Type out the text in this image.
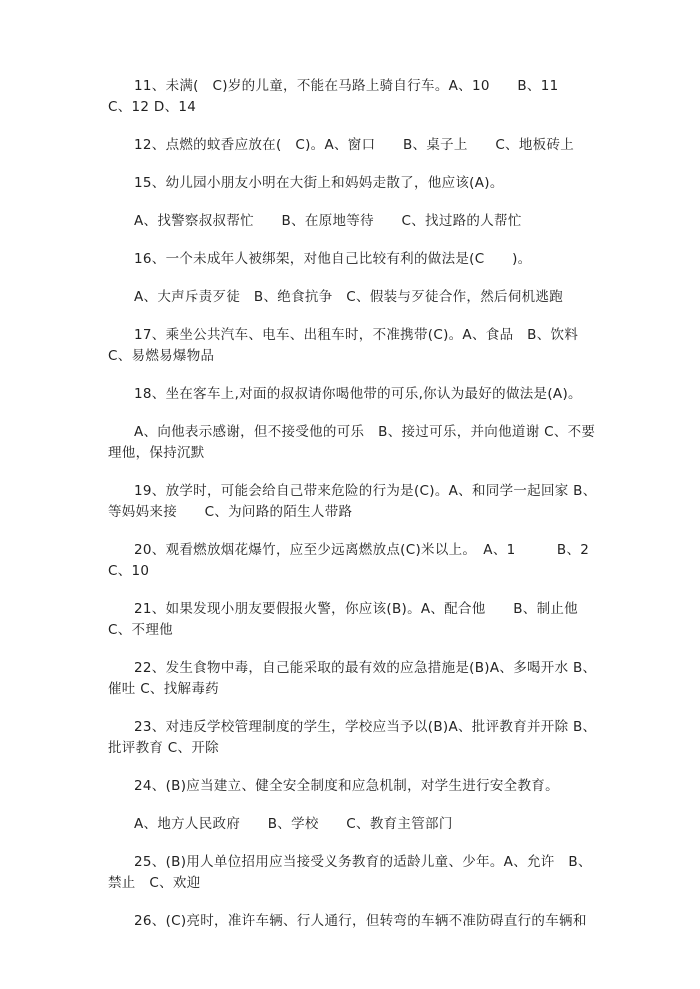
11、未满(　C)岁的儿童，不能在马路上骑自行车。A、10　　B、11　　C、12 D、14

12、点燃的蚊香应放在(　C)。A、窗口　　B、桌子上　　C、地板砖上

15、幼儿园小朋友小明在大街上和妈妈走散了，他应该(A)。

A、找警察叔叔帮忙　　B、在原地等待　　C、找过路的人帮忙

16、一个未成年人被绑架，对他自己比较有利的做法是(C　　)。

A、大声斥责歹徒　B、绝食抗争　C、假装与歹徒合作，然后伺机逃跑

17、乘坐公共汽车、电车、出租车时，不准携带(C)。A、食品　B、饮料 C、易燃易爆物品

18、坐在客车上,对面的叔叔请你喝他带的可乐,你认为最好的做法是(A)。

A、向他表示感谢，但不接受他的可乐　B、接过可乐，并向他道谢 C、不要理他，保持沉默

19、放学时，可能会给自己带来危险的行为是(C)。A、和同学一起回家 B、等妈妈来接　　C、为问路的陌生人带路

20、观看燃放烟花爆竹，应至少远离燃放点(C)米以上。　A、1　　　B、2 C、10

21、如果发现小朋友要假报火警，你应该(B)。A、配合他　　B、制止他 C、不理他

22、发生食物中毒，自己能采取的最有效的应急措施是(B)A、多喝开水 B、催吐 C、找解毒药

23、对违反学校管理制度的学生，学校应当予以(B)A、批评教育并开除 B、批评教育 C、开除

24、(B)应当建立、健全安全制度和应急机制，对学生进行安全教育。

A、地方人民政府　　B、学校　　C、教育主管部门

25、(B)用人单位招用应当接受义务教育的适龄儿童、少年。A、允许　B、禁止　C、欢迎

26、(C)亮时，准许车辆、行人通行，但转弯的车辆不准防碍直行的车辆和
